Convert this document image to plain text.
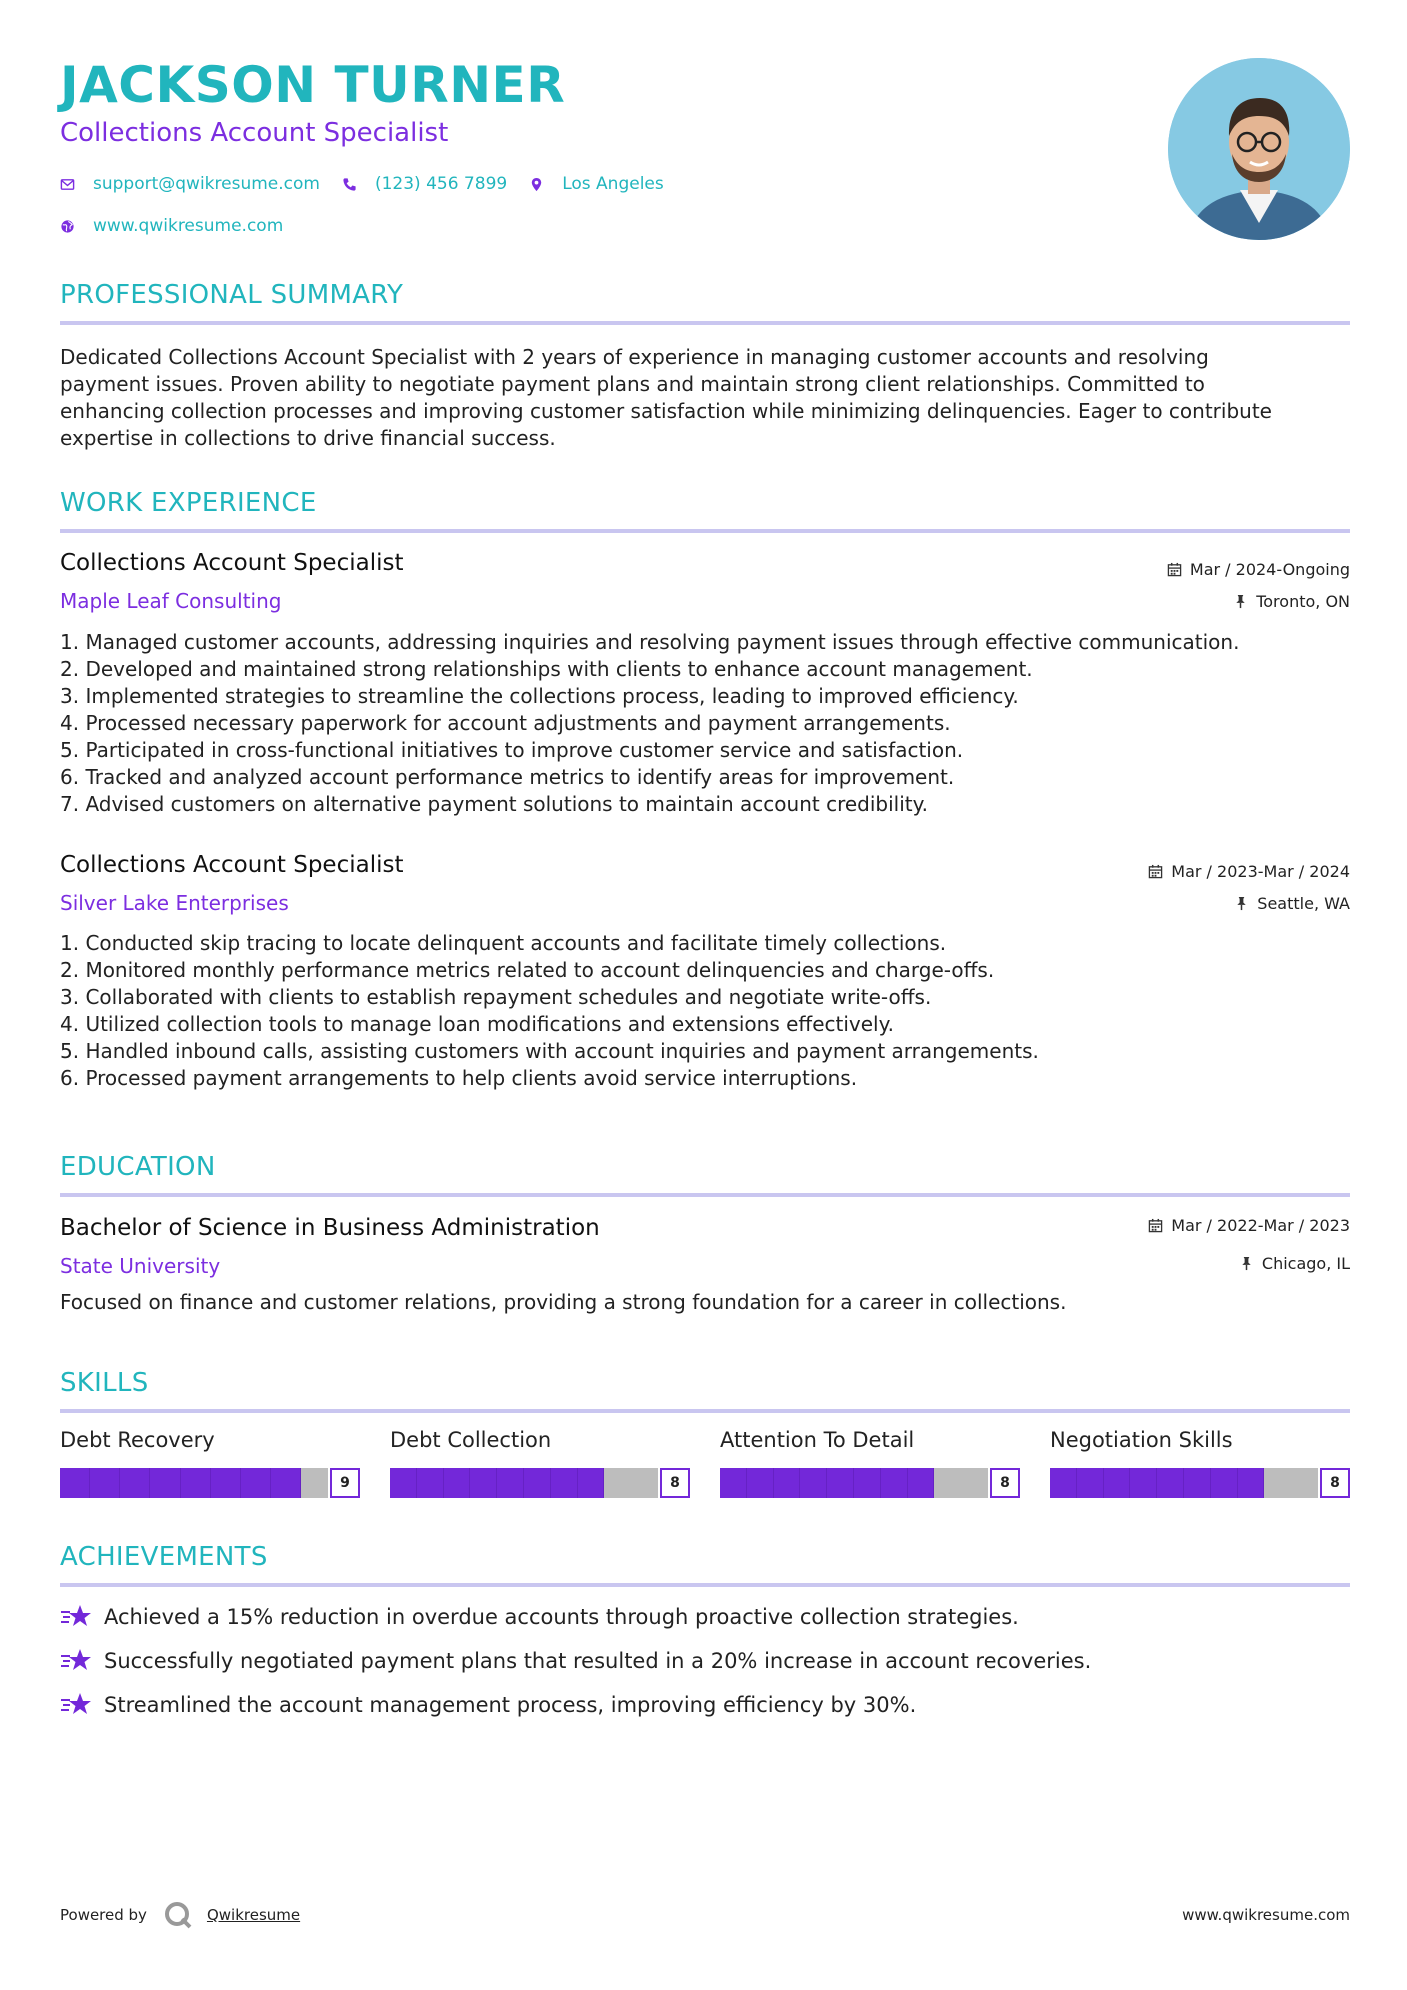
JACKSON TURNER

Collections Account Specialist

support@qwikresume.com	(123) 456 7899	Los Angeles
www.qwikresume.com
PROFESSIONAL SUMMARY
Dedicated Collections Account Specialist with 2 years of experience in managing customer accounts and resolving
payment issues. Proven ability to negotiate payment plans and maintain strong client relationships. Committed to
enhancing collection processes and improving customer satisfaction while minimizing delinquencies. Eager to contribute
expertise in collections to drive financial success.
WORK EXPERIENCE

Collections Account Specialist

Maple Leaf Consulting

Mar / 2024-Ongoing
Toronto, ON
1. Managed customer accounts, addressing inquiries and resolving payment issues through effective communication.
2. Developed and maintained strong relationships with clients to enhance account management.
3. Implemented strategies to streamline the collections process, leading to improved efficiency.
4. Processed necessary paperwork for account adjustments and payment arrangements.
5. Participated in cross-functional initiatives to improve customer service and satisfaction.
6. Tracked and analyzed account performance metrics to identify areas for improvement.
7. Advised customers on alternative payment solutions to maintain account credibility.

Collections Account Specialist

Silver Lake Enterprises

Mar / 2023-Mar / 2024
Seattle, WA
1. Conducted skip tracing to locate delinquent accounts and facilitate timely collections.
2. Monitored monthly performance metrics related to account delinquencies and charge-offs.
3. Collaborated with clients to establish repayment schedules and negotiate write-offs.
4. Utilized collection tools to manage loan modifications and extensions effectively.
5. Handled inbound calls, assisting customers with account inquiries and payment arrangements.
6. Processed payment arrangements to help clients avoid service interruptions.
EDUCATION

Bachelor of Science in Business Administration

State University

Mar / 2022-Mar / 2023
Chicago, IL

Focused on finance and customer relations, providing a strong foundation for a career in collections.

SKILLS
Debt Recovery
9
Debt Collection
8
Attention To Detail
8
Negotiation Skills
8
ACHIEVEMENTS
Achieved a 15% reduction in overdue accounts through proactive collection strategies.
Successfully negotiated payment plans that resulted in a 20% increase in account recoveries.
Streamlined the account management process, improving efficiency by 30%.
Powered by	Qwikresume	www.qwikresume.com
